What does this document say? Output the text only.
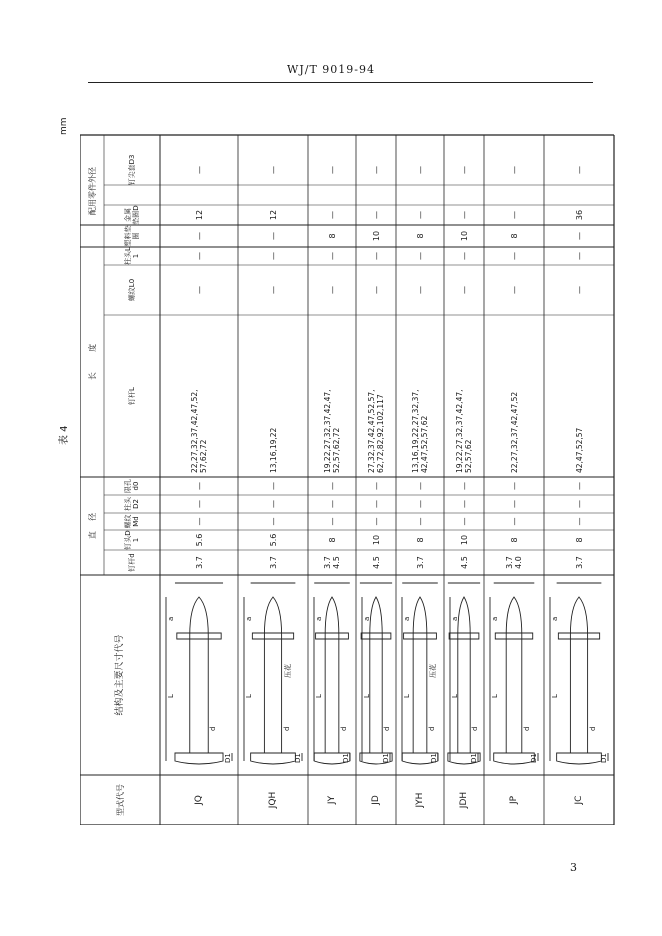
WJ/T 9019-94
3
表 4
mm
型式代号
结构及主要尺寸代号
直    径
长        度
配用零件外径
钉杆d
钉头D1
螺纹Md
柱头D2
限孔d0
钉杆L
螺纹L0
柱头L1
塑料垫圈
金属垫圈D
钉尖套D3
JQ
3.7
5.6
—
—
—
22,27,32,37,42,47,52,
57,62,72
—
—
—
12
—
L
a
d
D1
JQH
3.7
5.6
—
—
—
13,16,19,22
—
—
—
12
—
L
a
d
D1
压花
JY
3.7
4.5
8
—
—
—
19,22,27,32,37,42,47,
52,57,62,72
—
—
8
—
—
L
a
d
D1
JD
4.5
10
—
—
—
27,32,37,42,47,52,57,
62,72,82,92,102,117
—
—
10
—
—
L
a
d
D1
JYH
3.7
8
—
—
—
13,16,19,22,27,32,37,
42,47,52,57,62
—
—
8
—
—
L
a
d
D1
压花
JDH
4.5
10
—
—
—
19,22,27,32,37,42,47,
52,57,62
—
—
10
—
—
L
a
d
D1
JP
3.7
4.0
8
—
—
—
22,27,32,37,42,47,52
—
—
8
—
—
L
a
d
D1
JC
3.7
8
—
—
—
42,47,52,57
—
—
—
36
—
L
a
d
D1
